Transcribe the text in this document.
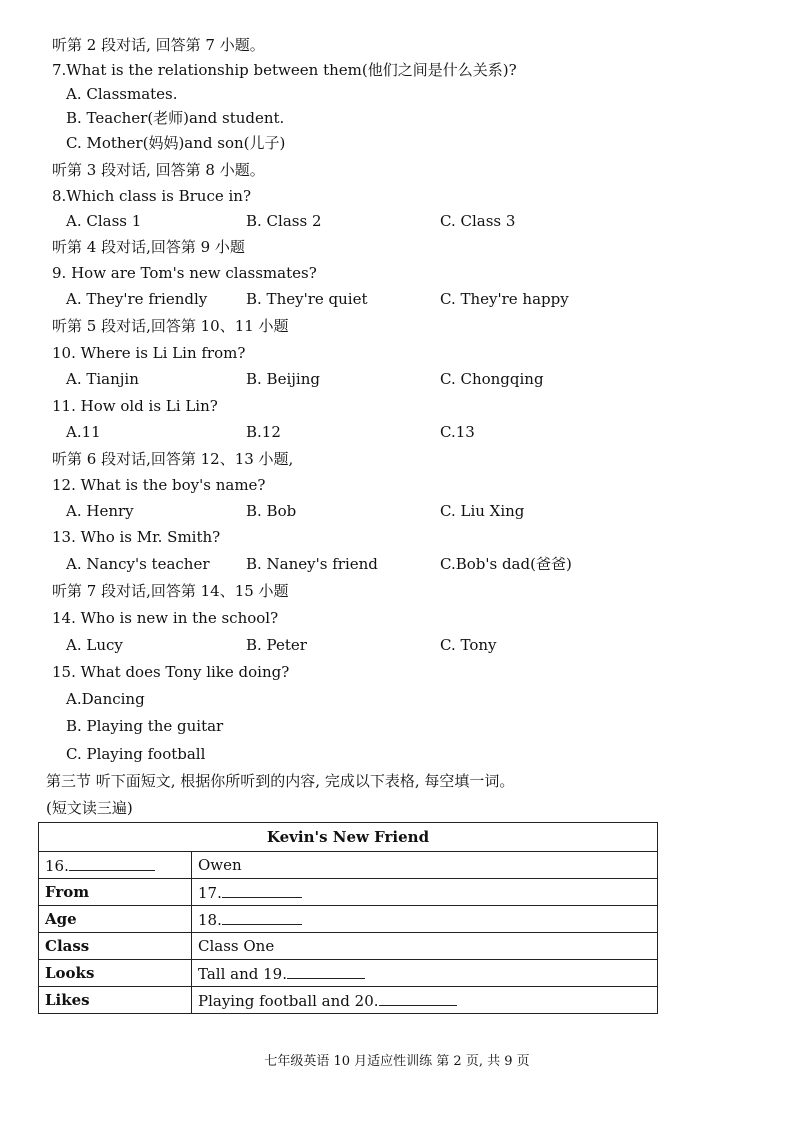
听第 2 段对话, 回答第 7 小题。
7.What is the relationship between them(他们之间是什么关系)?
A. Classmates.
B. Teacher(老师)and student.
C. Mother(妈妈)and son(儿子)
听第 3 段对话, 回答第 8 小题。
8.Which class is Bruce in?
A. Class 1	B. Class 2	C. Class 3
听第 4 段对话,回答第 9 小题
9. How are Tom's new classmates?
A. They're friendly	B. They're quiet	C. They're happy
听第 5 段对话,回答第 10、11 小题
10. Where is Li Lin from?
A. Tianjin	B. Beijing	C. Chongqing
11. How old is Li Lin?
A.11	B.12	C.13
听第 6 段对话,回答第 12、13 小题,
12. What is the boy's name?
A. Henry	B. Bob	C. Liu Xing
13. Who is Mr. Smith?
A. Nancy's teacher B. Naney's friend	C.Bob's dad(爸爸)
听第 7 段对话,回答第 14、15 小题
14. Who is new in the school?
A. Lucy	B. Peter	C. Tony
15. What does Tony like doing?
A.Dancing
B. Playing the guitar
C. Playing football
第三节 听下面短文, 根据你所听到的内容, 完成以下表格, 每空填一词。
(短文读三遍)
Kevin's New Friend	
16.	Owen
From	17.
Age	18.
Class	Class One
Looks	Tall and 19.
Likes	Playing football and 20.
七年级英语 10 月适应性训练 第 2 页, 共 9 页
